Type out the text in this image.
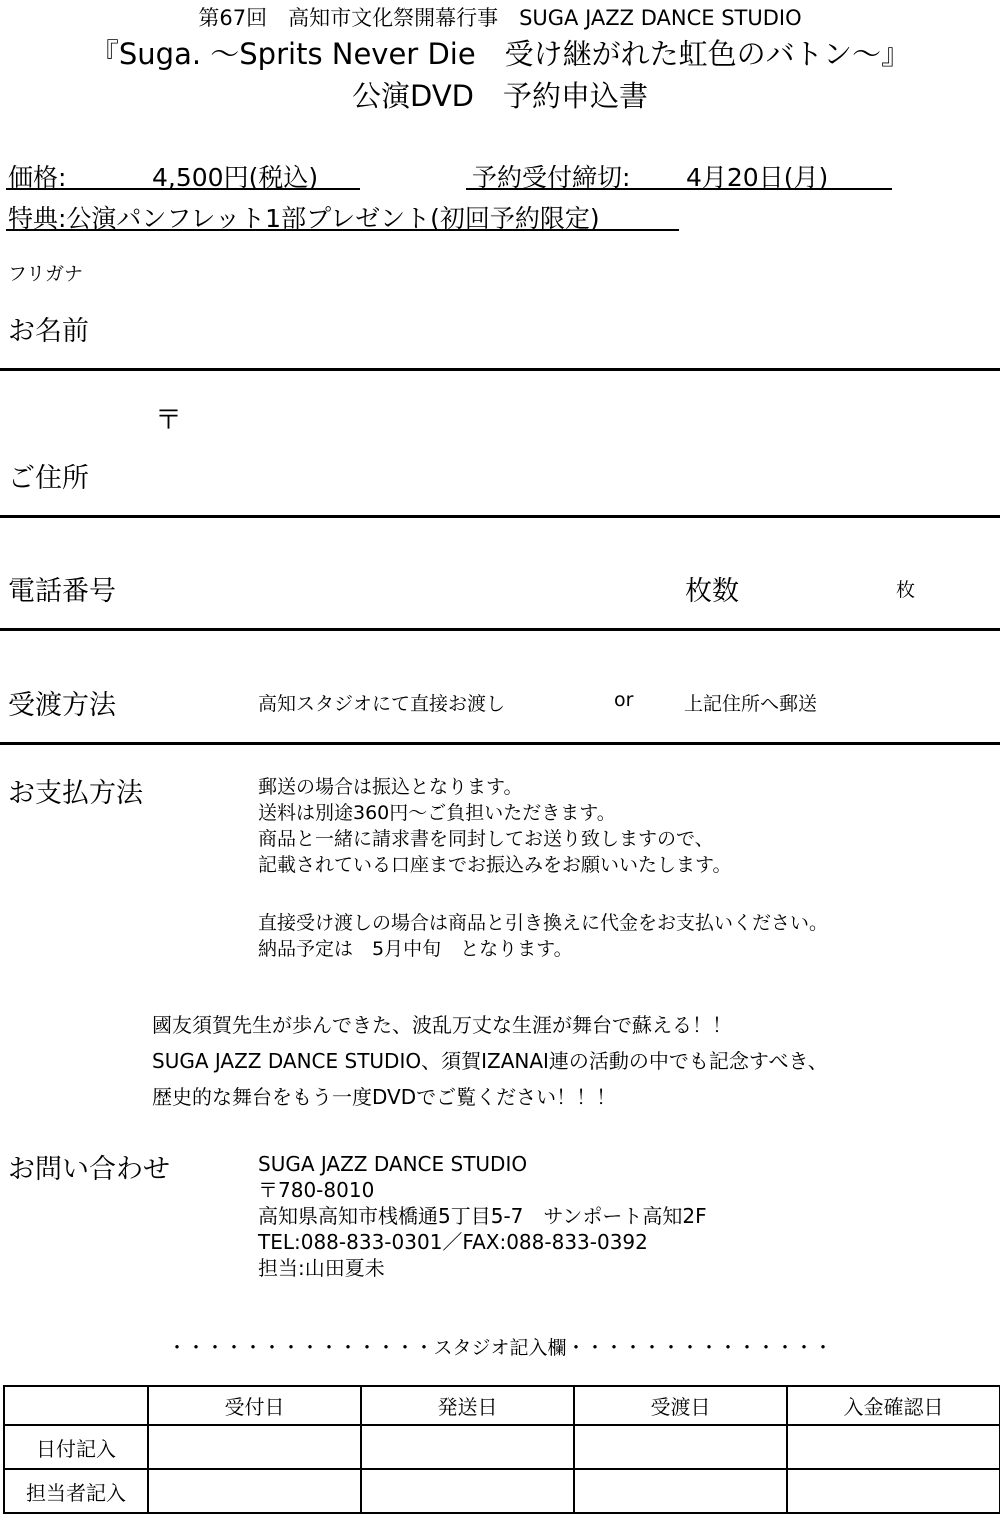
第67回　高知市文化祭開幕行事　SUGA JAZZ DANCE STUDIO
『Suga. 〜Sprits Never Die　受け継がれた虹色のバトン〜』
公演DVD　予約申込書
価格:	4,500円(税込)	予約受付締切: 4月20日(月)
特典:公演パンフレット1部プレゼント(初回予約限定)
フリガナ
お名前
〒
ご住所
電話番号	枚数	枚
受渡方法	高知スタジオにて直接お渡し	or	上記住所へ郵送
お支払方法	郵送の場合は振込となります。
送料は別途360円〜ご負担いただきます。
商品と一緒に請求書を同封してお送り致しますので、
記載されている口座までお振込みをお願いいたします。
直接受け渡しの場合は商品と引き換えに代金をお支払いください。
納品予定は　5月中旬　となります。
國友須賀先生が歩んできた、波乱万丈な生涯が舞台で蘇える！！
SUGA JAZZ DANCE STUDIO、須賀IZANAI連の活動の中でも記念すべき、
歴史的な舞台をもう一度DVDでご覧ください！！！
お問い合わせ	SUGA JAZZ DANCE STUDIO
〒780-8010
高知県高知市桟橋通5丁目5-7　サンポート高知2F
TEL:088-833-0301／FAX:088-833-0392
担当:山田夏未
・・・・・・・・・・・・・・スタジオ記入欄・・・・・・・・・・・・・・
	受付日	発送日	受渡日	入金確認日
日付記入				
担当者記入				
